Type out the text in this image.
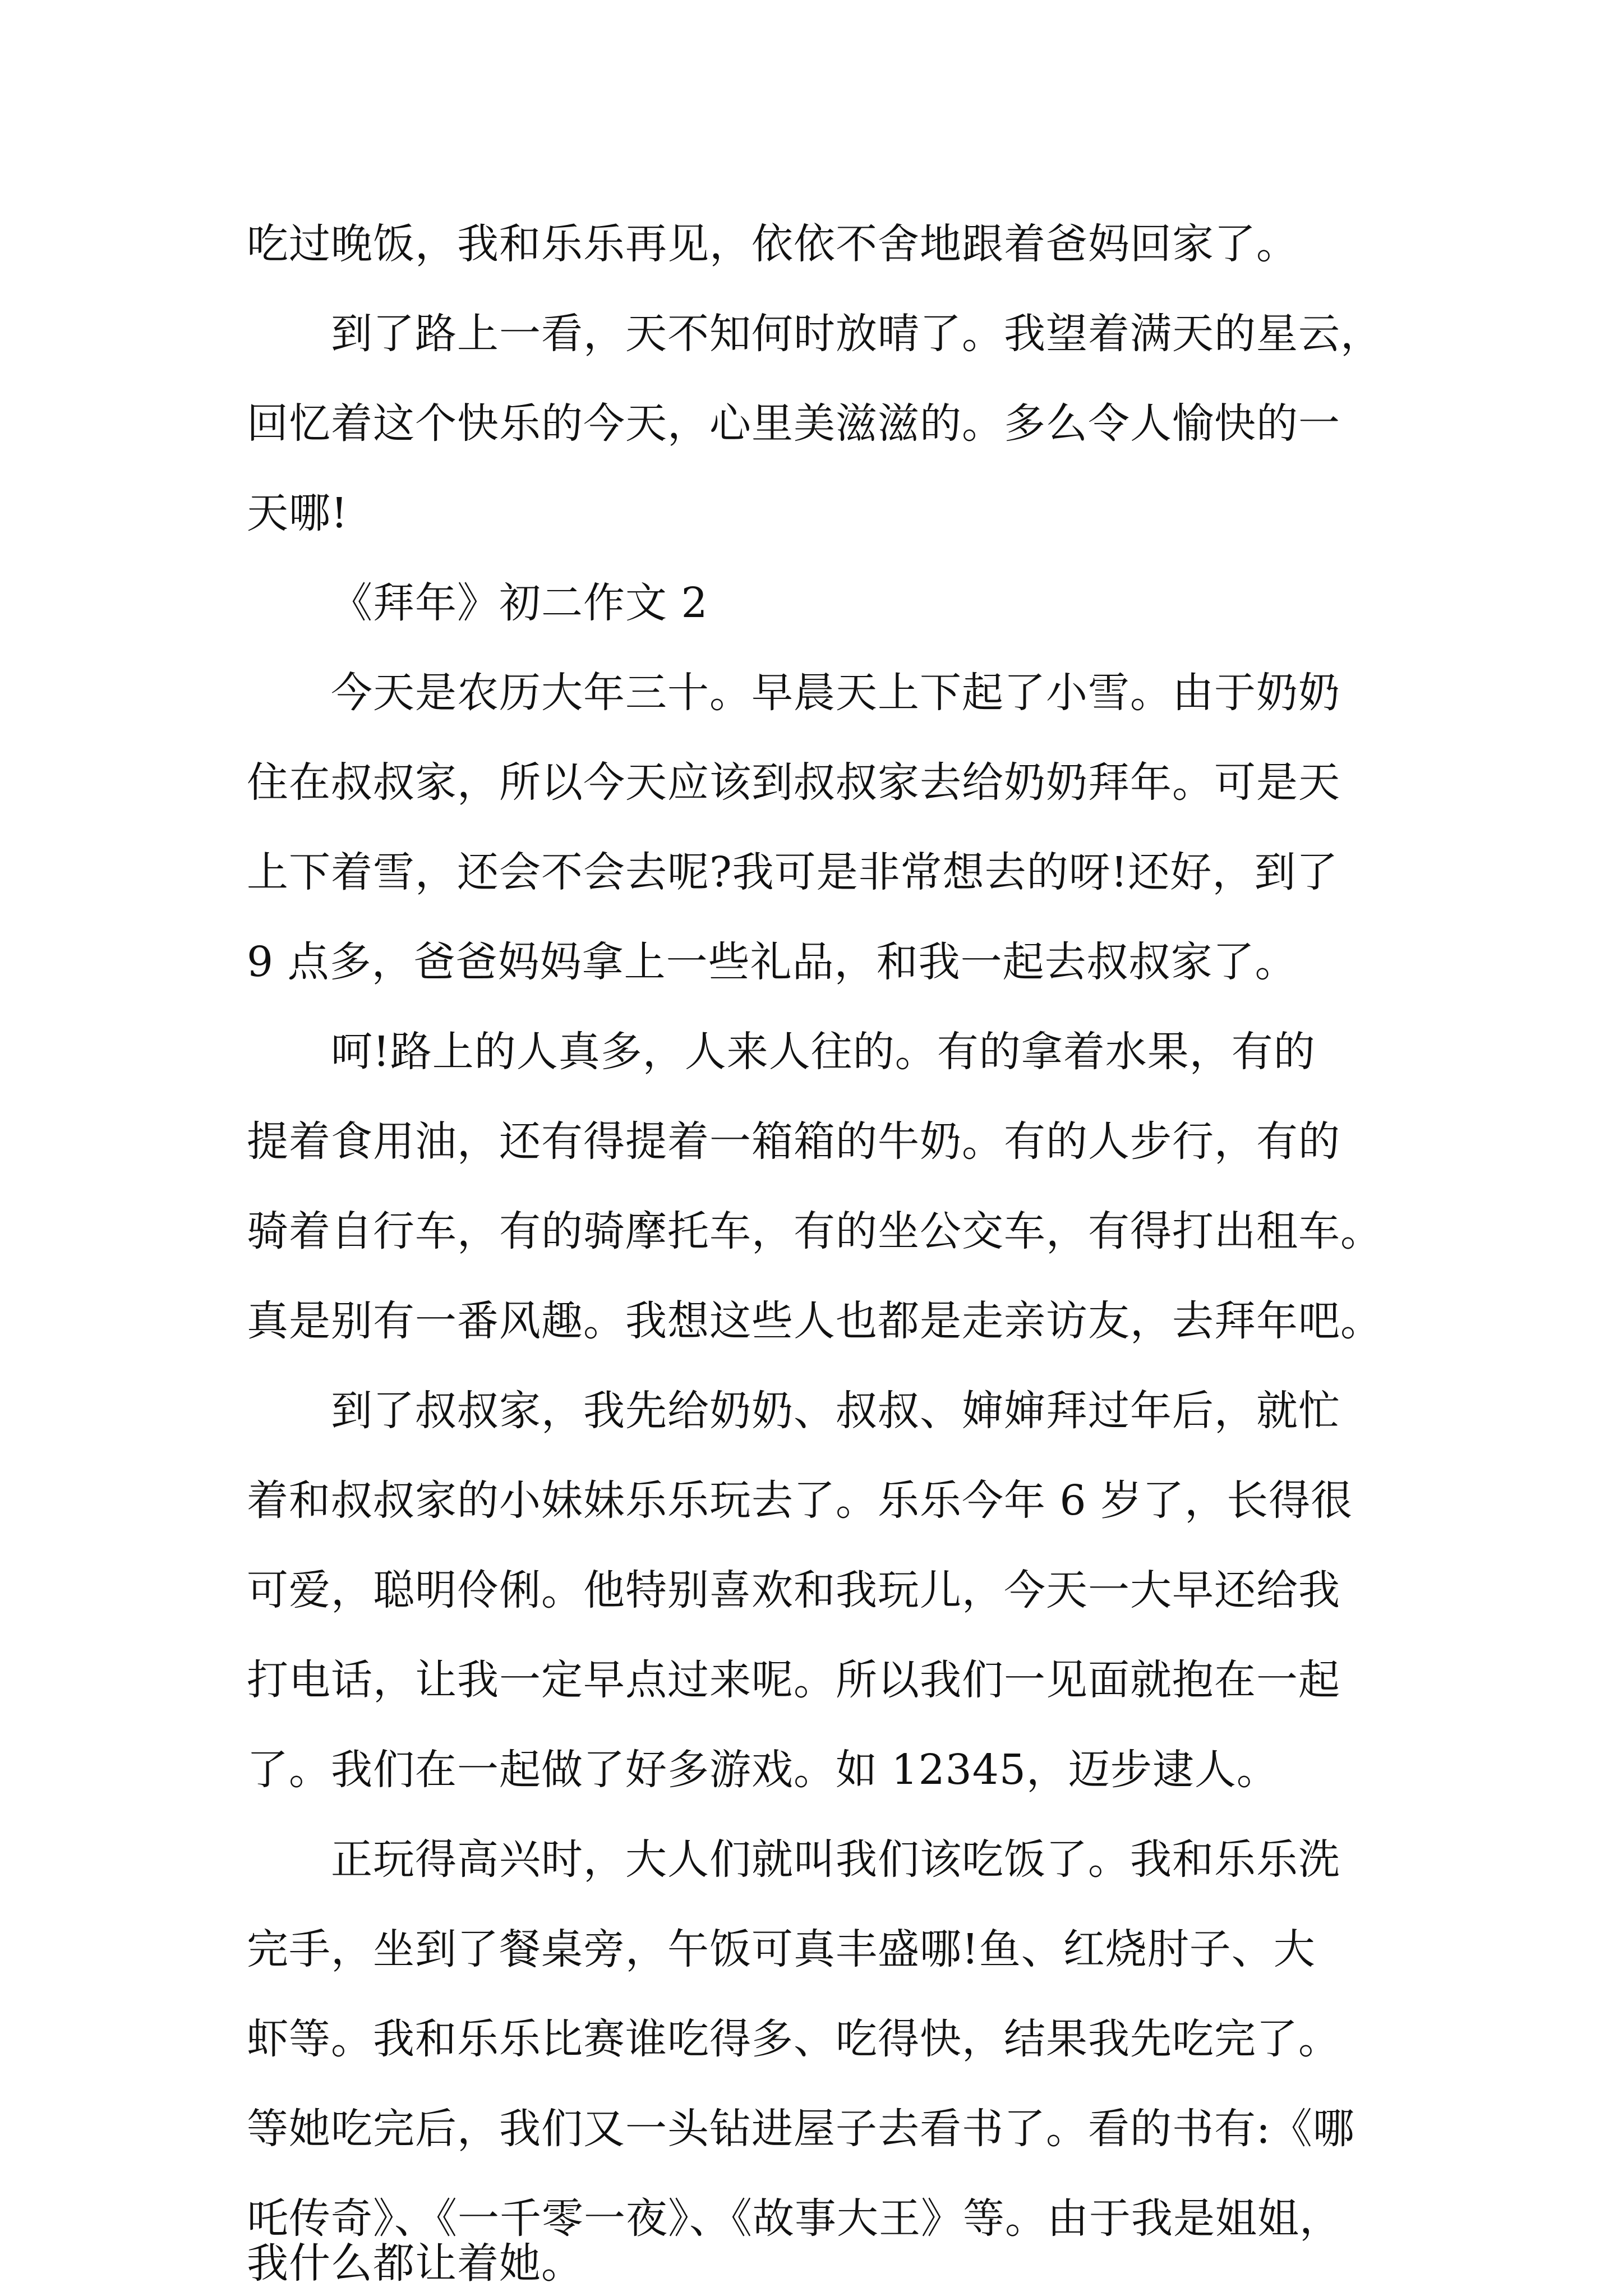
吃过晚饭，我和乐乐再见，依依不舍地跟着爸妈回家了。

到了路上一看，天不知何时放晴了。我望着满天的星云，

回忆着这个快乐的今天，心里美滋滋的。多么令人愉快的一

天哪!

《拜年》初二作文 2

今天是农历大年三十。早晨天上下起了小雪。由于奶奶

住在叔叔家，所以今天应该到叔叔家去给奶奶拜年。可是天

上下着雪，还会不会去呢?我可是非常想去的呀!还好，到了

9 点多，爸爸妈妈拿上一些礼品，和我一起去叔叔家了。

呵!路上的人真多，人来人往的。有的拿着水果，有的

提着食用油，还有得提着一箱箱的牛奶。有的人步行，有的

骑着自行车，有的骑摩托车，有的坐公交车，有得打出租车。

真是别有一番风趣。我想这些人也都是走亲访友，去拜年吧。

到了叔叔家，我先给奶奶、叔叔、婶婶拜过年后，就忙

着和叔叔家的小妹妹乐乐玩去了。乐乐今年 6 岁了，长得很

可爱，聪明伶俐。他特别喜欢和我玩儿，今天一大早还给我

打电话，让我一定早点过来呢。所以我们一见面就抱在一起

了。我们在一起做了好多游戏。如 12345，迈步逮人。

正玩得高兴时，大人们就叫我们该吃饭了。我和乐乐洗

完手，坐到了餐桌旁，午饭可真丰盛哪!鱼、红烧肘子、大

虾等。我和乐乐比赛谁吃得多、吃得快，结果我先吃完了。

等她吃完后，我们又一头钻进屋子去看书了。看的书有:《哪

吒传奇》、《一千零一夜》、《故事大王》等。由于我是姐姐，

我什么都让着她。
